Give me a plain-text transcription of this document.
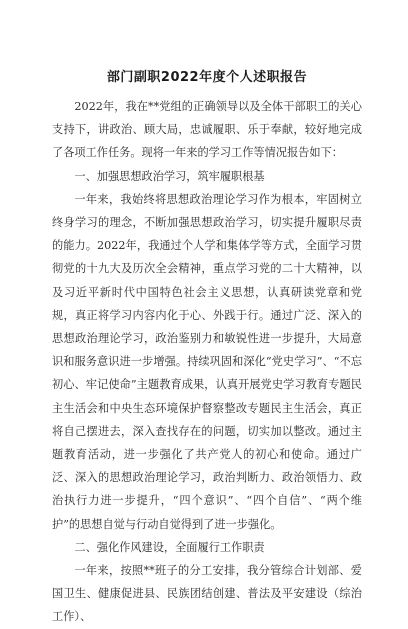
部门副职2022年度个人述职报告

2022年，我在**党组的正确领导以及全体干部职工的关心支持下，讲政治、顾大局，忠诚履职、乐于奉献，较好地完成了各项工作任务。现将一年来的学习工作等情况报告如下：

一、加强思想政治学习，筑牢履职根基

一年来，我始终将思想政治理论学习作为根本，牢固树立终身学习的理念，不断加强思想政治学习，切实提升履职尽责的能力。2022年，我通过个人学和集体学等方式，全面学习贯彻党的十九大及历次全会精神，重点学习党的二十大精神，以及习近平新时代中国特色社会主义思想，认真研读党章和党规，真正将学习内容内化于心、外践于行。通过广泛、深入的思想政治理论学习，政治鉴别力和敏锐性进一步提升，大局意识和服务意识进一步增强。持续巩固和深化“党史学习”、“不忘初心、牢记使命”主题教育成果，认真开展党史学习教育专题民主生活会和中央生态环境保护督察整改专题民主生活会，真正将自己摆进去，深入查找存在的问题，切实加以整改。通过主题教育活动，进一步强化了共产党人的初心和使命。通过广泛、深入的思想政治理论学习，政治判断力、政治领悟力、政治执行力进一步提升，“四个意识”、“四个自信”、“两个维护”的思想自觉与行动自觉得到了进一步强化。

二、强化作风建设，全面履行工作职责

一年来，按照**班子的分工安排，我分管综合计划部、爱国卫生、健康促进县、民族团结创建、普法及平安建设（综治工作）、
